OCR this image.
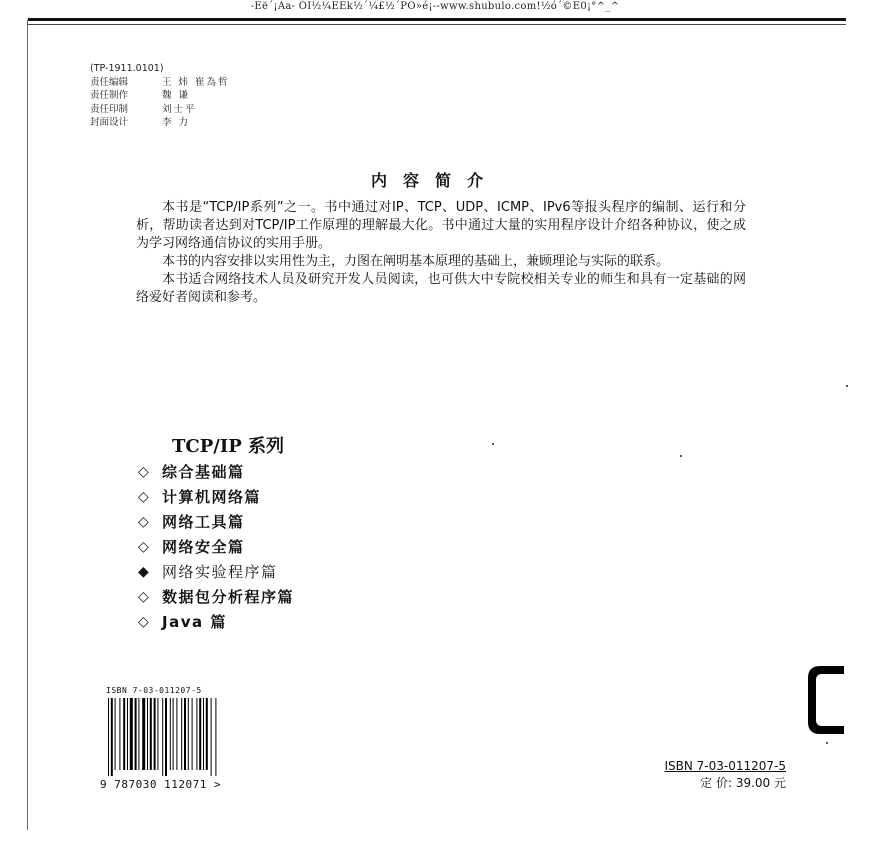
-Eë´¡Aa- ÓI½¼EEk½´¼£½´PO»é¡--www.shubulo.com!½ó´©E0¡°^_^
(TP-1911.0101)
责任编辑	王 炜 崔為哲
责任制作	魏 谦
责任印制	刘士平
封面设计	李 力
内容简介

本书是“TCP/IP系列”之一。书中通过对IP、TCP、UDP、ICMP、IPv6等报头程序的编制、运行和分析，帮助读者达到对TCP/IP工作原理的理解最大化。书中通过大量的实用程序设计介绍各种协议，使之成为学习网络通信协议的实用手册。

本书的内容安排以实用性为主，力图在阐明基本原理的基础上，兼顾理论与实际的联系。

本书适合网络技术人员及研究开发人员阅读，也可供大中专院校相关专业的师生和具有一定基础的网络爱好者阅读和参考。

TCP/IP 系列
◇ 综合基础篇
◇ 计算机网络篇
◇ 网络工具篇
◇ 网络安全篇
◆ 网络实验程序篇
◇ 数据包分析程序篇
◇ Java 篇
ISBN 7-03-011207-5
9 787030 112071 >
ISBN 7-03-011207-5
定 价: 39.00 元
